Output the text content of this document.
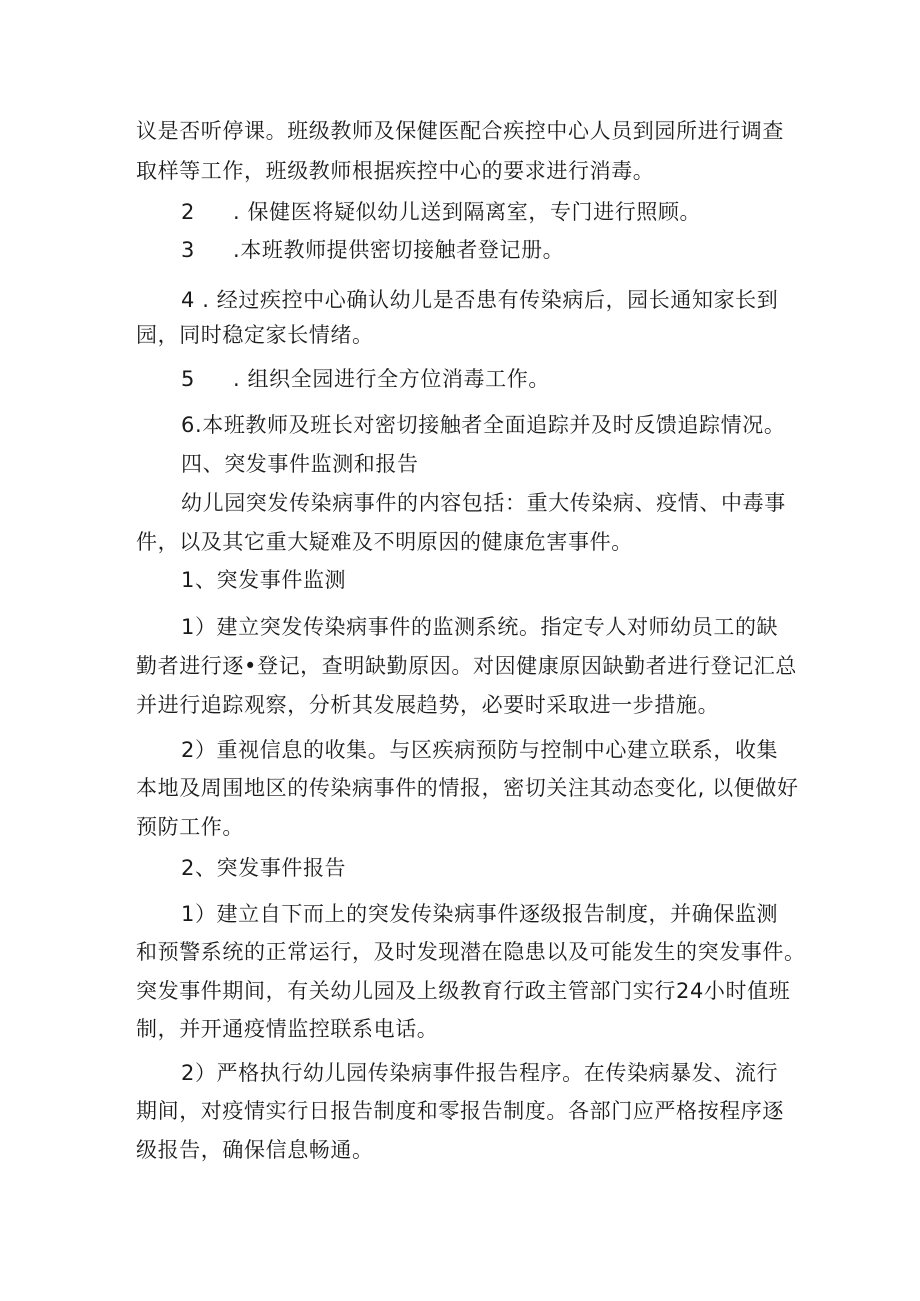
议是否听停课。班级教师及保健医配合疾控中心人员到园所进行调查

取样等工作，班级教师根据疾控中心的要求进行消毒。

2 . 保健医将疑似幼儿送到隔离室，专门进行照顾。

3 .本班教师提供密切接触者登记册。

4 . 经过疾控中心确认幼儿是否患有传染病后，园长通知家长到

园，同时稳定家长情绪。

5 . 组织全园进行全方位消毒工作。

6.本班教师及班长对密切接触者全面追踪并及时反馈追踪情况。

四、突发事件监测和报告

幼儿园突发传染病事件的内容包括：重大传染病、疫情、中毒事

件，以及其它重大疑难及不明原因的健康危害事件。

1、突发事件监测

1）建立突发传染病事件的监测系统。指定专人对师幼员工的缺

勤者进行逐•登记，查明缺勤原因。对因健康原因缺勤者进行登记汇总

并进行追踪观察，分析其发展趋势，必要时采取进一步措施。

2）重视信息的收集。与区疾病预防与控制中心建立联系，收集

本地及周围地区的传染病事件的情报，密切关注其动态变化, 以便做好

预防工作。

2、突发事件报告

1）建立自下而上的突发传染病事件逐级报告制度，并确保监测

和预警系统的正常运行，及时发现潜在隐患以及可能发生的突发事件。

突发事件期间，有关幼儿园及上级教育行政主管部门实行24小时值班

制，并开通疫情监控联系电话。

2）严格执行幼儿园传染病事件报告程序。在传染病暴发、流行

期间，对疫情实行日报告制度和零报告制度。各部门应严格按程序逐

级报告，确保信息畅通。
